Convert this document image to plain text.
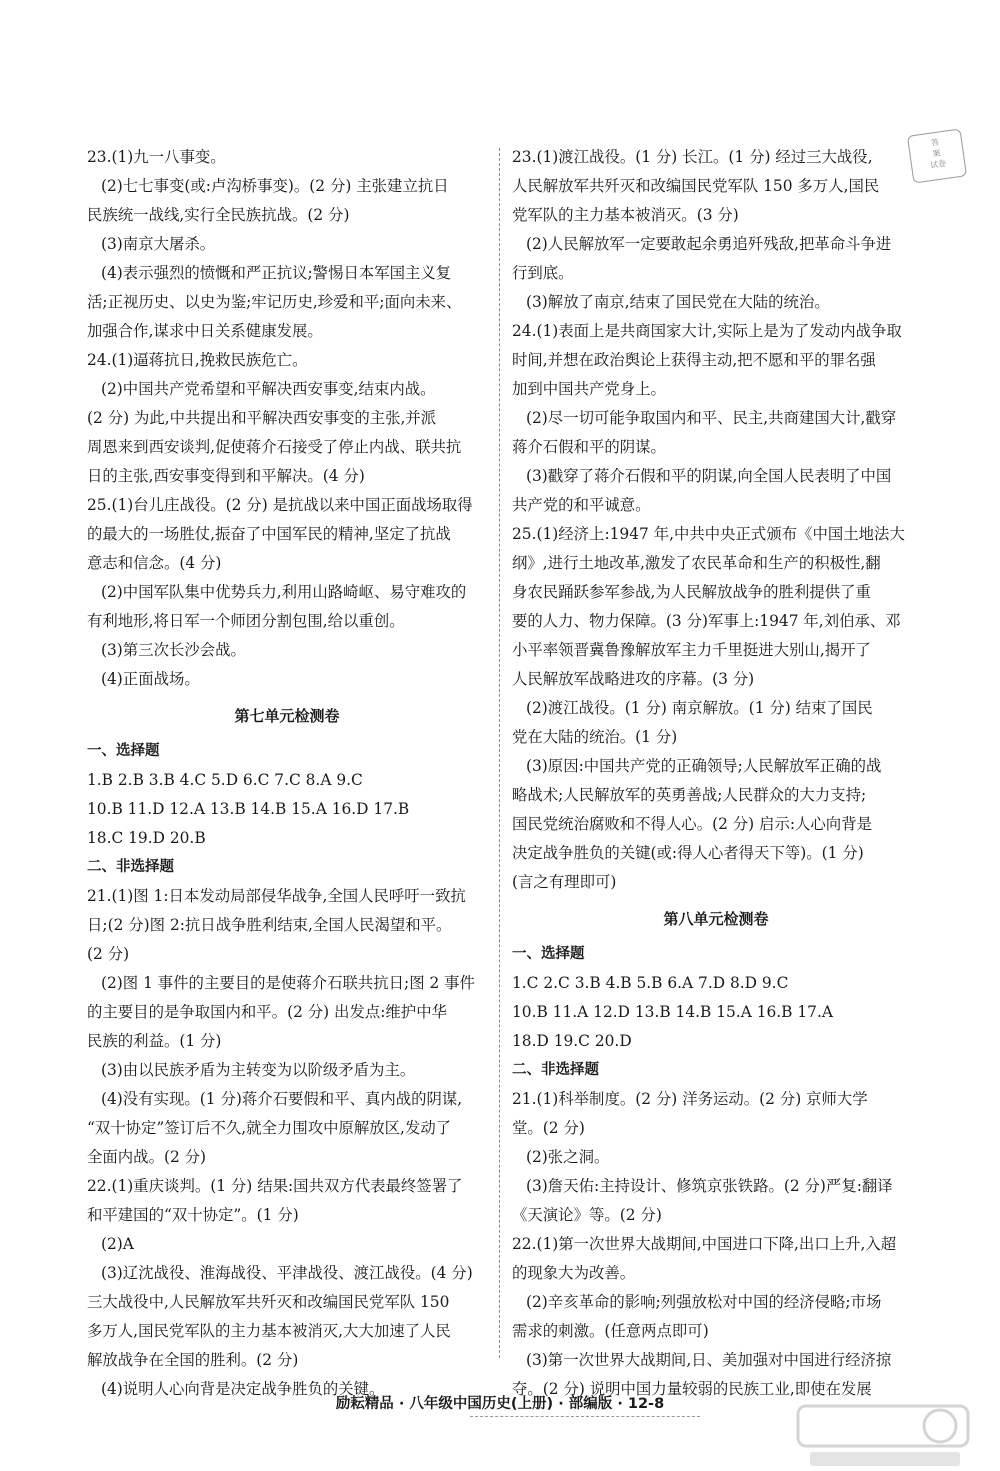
23.(1)九一八事变。
(2)七七事变(或:卢沟桥事变)。(2 分) 主张建立抗日
民族统一战线,实行全民族抗战。(2 分)
(3)南京大屠杀。
(4)表示强烈的愤慨和严正抗议;警惕日本军国主义复
活;正视历史、以史为鉴;牢记历史,珍爱和平;面向未来、
加强合作,谋求中日关系健康发展。
24.(1)逼蒋抗日,挽救民族危亡。
(2)中国共产党希望和平解决西安事变,结束内战。
(2 分) 为此,中共提出和平解决西安事变的主张,并派
周恩来到西安谈判,促使蒋介石接受了停止内战、联共抗
日的主张,西安事变得到和平解决。(4 分)
25.(1)台儿庄战役。(2 分) 是抗战以来中国正面战场取得
的最大的一场胜仗,振奋了中国军民的精神,坚定了抗战
意志和信念。(4 分)
(2)中国军队集中优势兵力,利用山路崎岖、易守难攻的
有利地形,将日军一个师团分割包围,给以重创。
(3)第三次长沙会战。
(4)正面战场。
第七单元检测卷
一、选择题
1.B 2.B 3.B 4.C 5.D 6.C 7.C 8.A 9.C
10.B 11.D 12.A 13.B 14.B 15.A 16.D 17.B
18.C 19.D 20.B
二、非选择题
21.(1)图 1:日本发动局部侵华战争,全国人民呼吁一致抗
日;(2 分)图 2:抗日战争胜利结束,全国人民渴望和平。
(2 分)
(2)图 1 事件的主要目的是使蒋介石联共抗日;图 2 事件
的主要目的是争取国内和平。(2 分) 出发点:维护中华
民族的利益。(1 分)
(3)由以民族矛盾为主转变为以阶级矛盾为主。
(4)没有实现。(1 分)蒋介石要假和平、真内战的阴谋,
“双十协定”签订后不久,就全力围攻中原解放区,发动了
全面内战。(2 分)
22.(1)重庆谈判。(1 分) 结果:国共双方代表最终签署了
和平建国的“双十协定”。(1 分)
(2)A
(3)辽沈战役、淮海战役、平津战役、渡江战役。(4 分)
三大战役中,人民解放军共歼灭和改编国民党军队 150
多万人,国民党军队的主力基本被消灭,大大加速了人民
解放战争在全国的胜利。(2 分)
(4)说明人心向背是决定战争胜负的关键。
23.(1)渡江战役。(1 分) 长江。(1 分) 经过三大战役,
人民解放军共歼灭和改编国民党军队 150 多万人,国民
党军队的主力基本被消灭。(3 分)
(2)人民解放军一定要敢起余勇追歼残敌,把革命斗争进
行到底。
(3)解放了南京,结束了国民党在大陆的统治。
24.(1)表面上是共商国家大计,实际上是为了发动内战争取
时间,并想在政治舆论上获得主动,把不愿和平的罪名强
加到中国共产党身上。
(2)尽一切可能争取国内和平、民主,共商建国大计,戳穿
蒋介石假和平的阴谋。
(3)戳穿了蒋介石假和平的阴谋,向全国人民表明了中国
共产党的和平诚意。
25.(1)经济上:1947 年,中共中央正式颁布《中国土地法大
纲》,进行土地改革,激发了农民革命和生产的积极性,翻
身农民踊跃参军参战,为人民解放战争的胜利提供了重
要的人力、物力保障。(3 分)军事上:1947 年,刘伯承、邓
小平率领晋冀鲁豫解放军主力千里挺进大别山,揭开了
人民解放军战略进攻的序幕。(3 分)
(2)渡江战役。(1 分) 南京解放。(1 分) 结束了国民
党在大陆的统治。(1 分)
(3)原因:中国共产党的正确领导;人民解放军正确的战
略战术;人民解放军的英勇善战;人民群众的大力支持;
国民党统治腐败和不得人心。(2 分) 启示:人心向背是
决定战争胜负的关键(或:得人心者得天下等)。(1 分)
(言之有理即可)
第八单元检测卷
一、选择题
1.C 2.C 3.B 4.B 5.B 6.A 7.D 8.D 9.C
10.B 11.A 12.D 13.B 14.B 15.A 16.B 17.A
18.D 19.C 20.D
二、非选择题
21.(1)科举制度。(2 分) 洋务运动。(2 分) 京师大学
堂。(2 分)
(2)张之洞。
(3)詹天佑:主持设计、修筑京张铁路。(2 分)严复:翻译
《天演论》等。(2 分)
22.(1)第一次世界大战期间,中国进口下降,出口上升,入超
的现象大为改善。
(2)辛亥革命的影响;列强放松对中国的经济侵略;市场
需求的刺激。(任意两点即可)
(3)第一次世界大战期间,日、美加强对中国进行经济掠
夺。(2 分) 说明中国力量较弱的民族工业,即使在发展
答
案
试卷
励耘精品 · 八年级中国历史(上册) · 部编版 · 12-8
